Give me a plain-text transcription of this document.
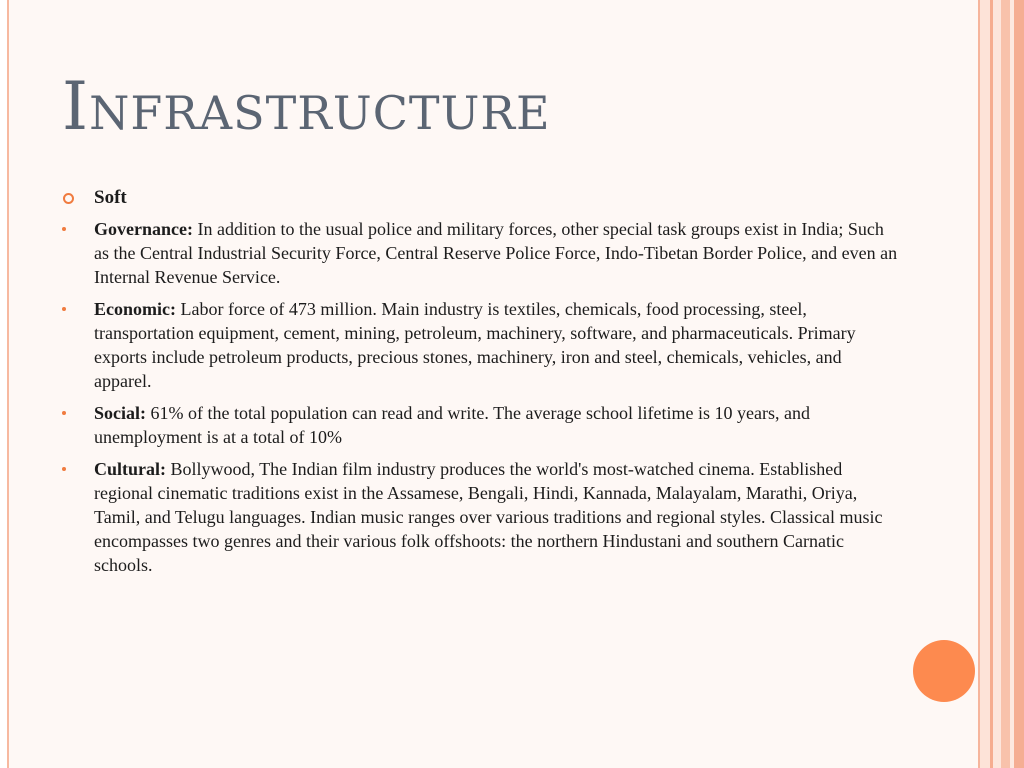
Infrastructure
Soft
Governance: In addition to the usual police and military forces, other special task groups exist in India; Such as the Central Industrial Security Force, Central Reserve Police Force, Indo-Tibetan Border Police, and even an Internal Revenue Service.
Economic: Labor force of 473 million. Main industry is textiles, chemicals, food processing, steel, transportation equipment, cement, mining, petroleum, machinery, software, and pharmaceuticals. Primary exports include petroleum products, precious stones, machinery, iron and steel, chemicals, vehicles, and apparel.
Social: 61% of the total population can read and write. The average school lifetime is 10 years, and unemployment is at a total of 10%
Cultural: Bollywood, The Indian film industry produces the world's most-watched cinema. Established regional cinematic traditions exist in the Assamese, Bengali, Hindi, Kannada, Malayalam, Marathi, Oriya, Tamil, and Telugu languages. Indian music ranges over various traditions and regional styles. Classical music encompasses two genres and their various folk offshoots: the northern Hindustani and southern Carnatic schools.
